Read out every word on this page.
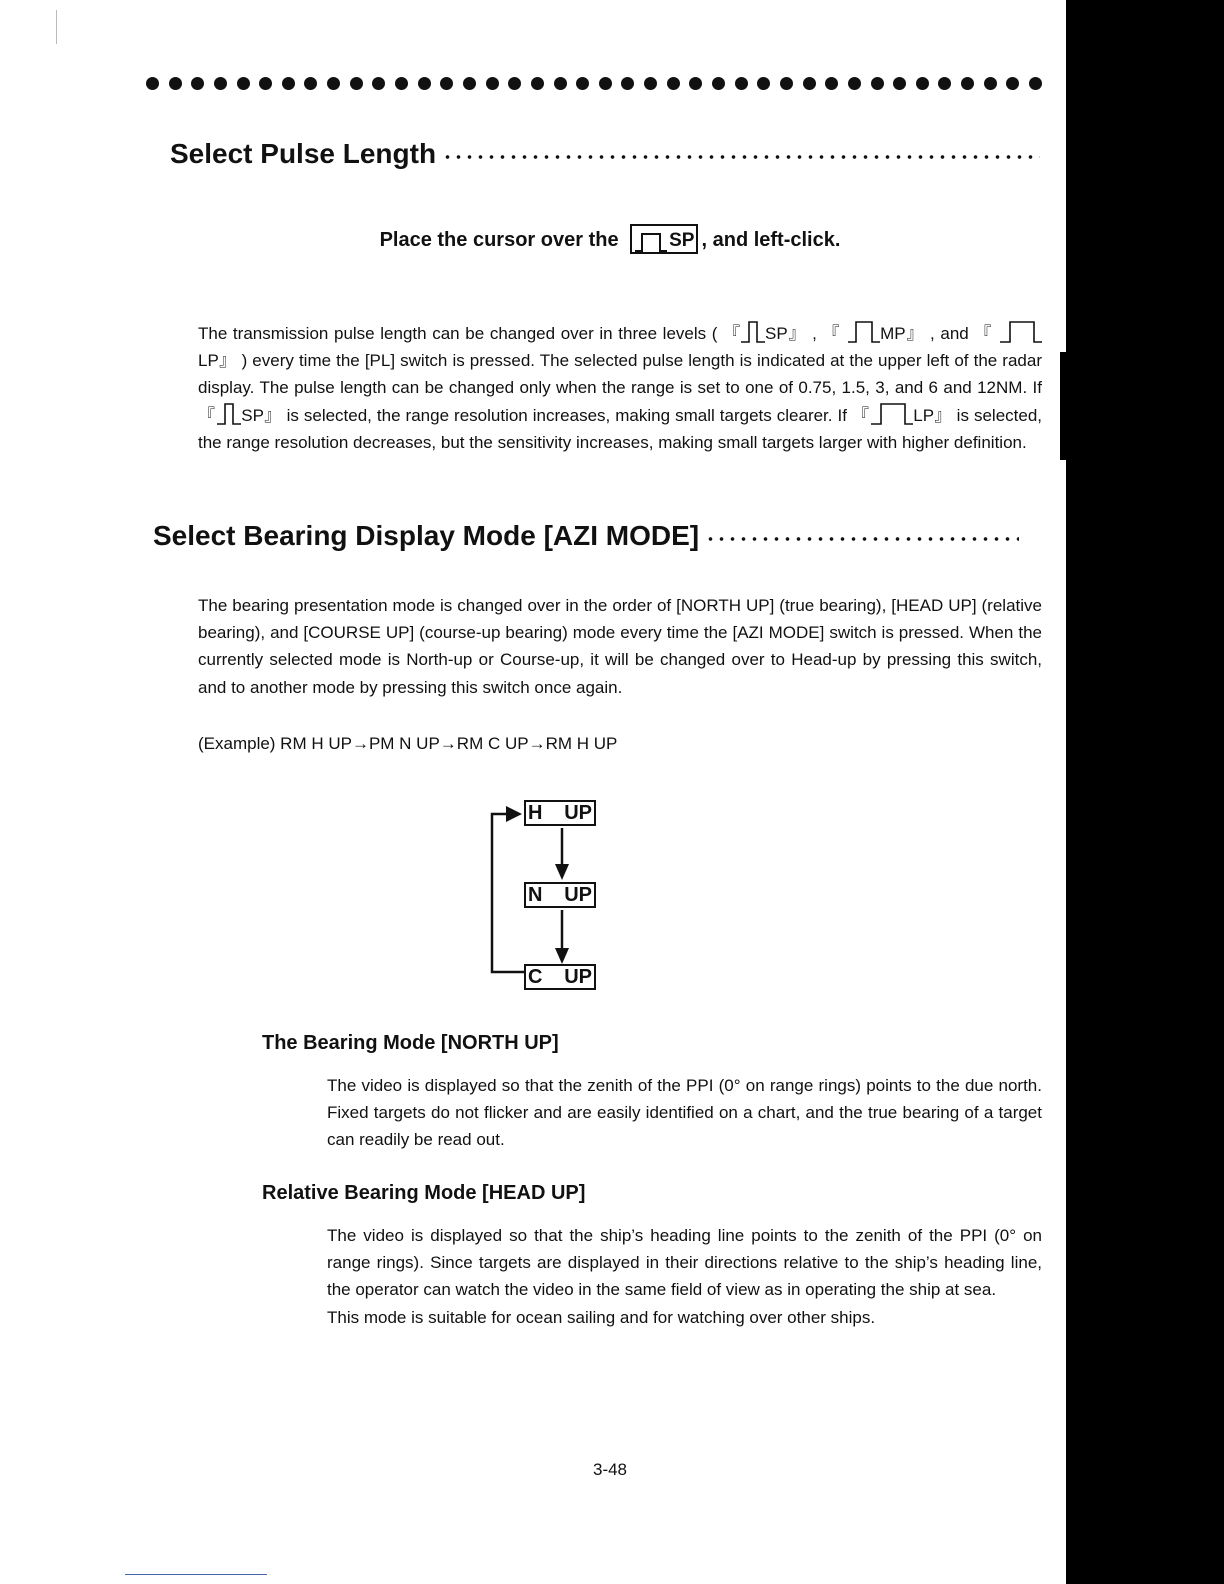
Select Pulse Length
Place the cursor over the	SP , and left-click.
The transmission pulse length can be changed over in three levels ( 『 SP』 , 『 MP』 , and 『 LP』 ) every time the [PL] switch is pressed. The selected pulse length is indicated at the upper left of the radar display. The pulse length can be changed only when the range is set to one of 0.75, 1.5, 3, and 6 and 12NM. If 『 SP』 is selected, the range resolution increases, making small targets clearer. If 『	LP』 is selected, the range resolution decreases, but the sensitivity increases, making small targets larger with higher definition.
Select Bearing Display Mode [AZI MODE]
The bearing presentation mode is changed over in the order of [NORTH UP] (true bearing), [HEAD UP] (relative bearing), and [COURSE UP] (course-up bearing) mode every time the [AZI MODE] switch is pressed. When the currently selected mode is North-up or Course-up, it will be changed over to Head-up by pressing this switch, and to another mode by pressing this switch once again.
(Example) RM H UP→PM N UP→RM C UP→RM H UP
H UP
N UP
C UP
The Bearing Mode [NORTH UP]
The video is displayed so that the zenith of the PPI (0° on range rings) points to the due north. Fixed targets do not flicker and are easily identified on a chart, and the true bearing of a target can readily be read out.
Relative Bearing Mode [HEAD UP]
The video is displayed so that the ship’s heading line points to the zenith of the PPI (0° on range rings). Since targets are displayed in their directions relative to the ship’s heading line, the operator can watch the video in the same field of view as in operating the ship at sea.
This mode is suitable for ocean sailing and for watching over other ships.
3-48
